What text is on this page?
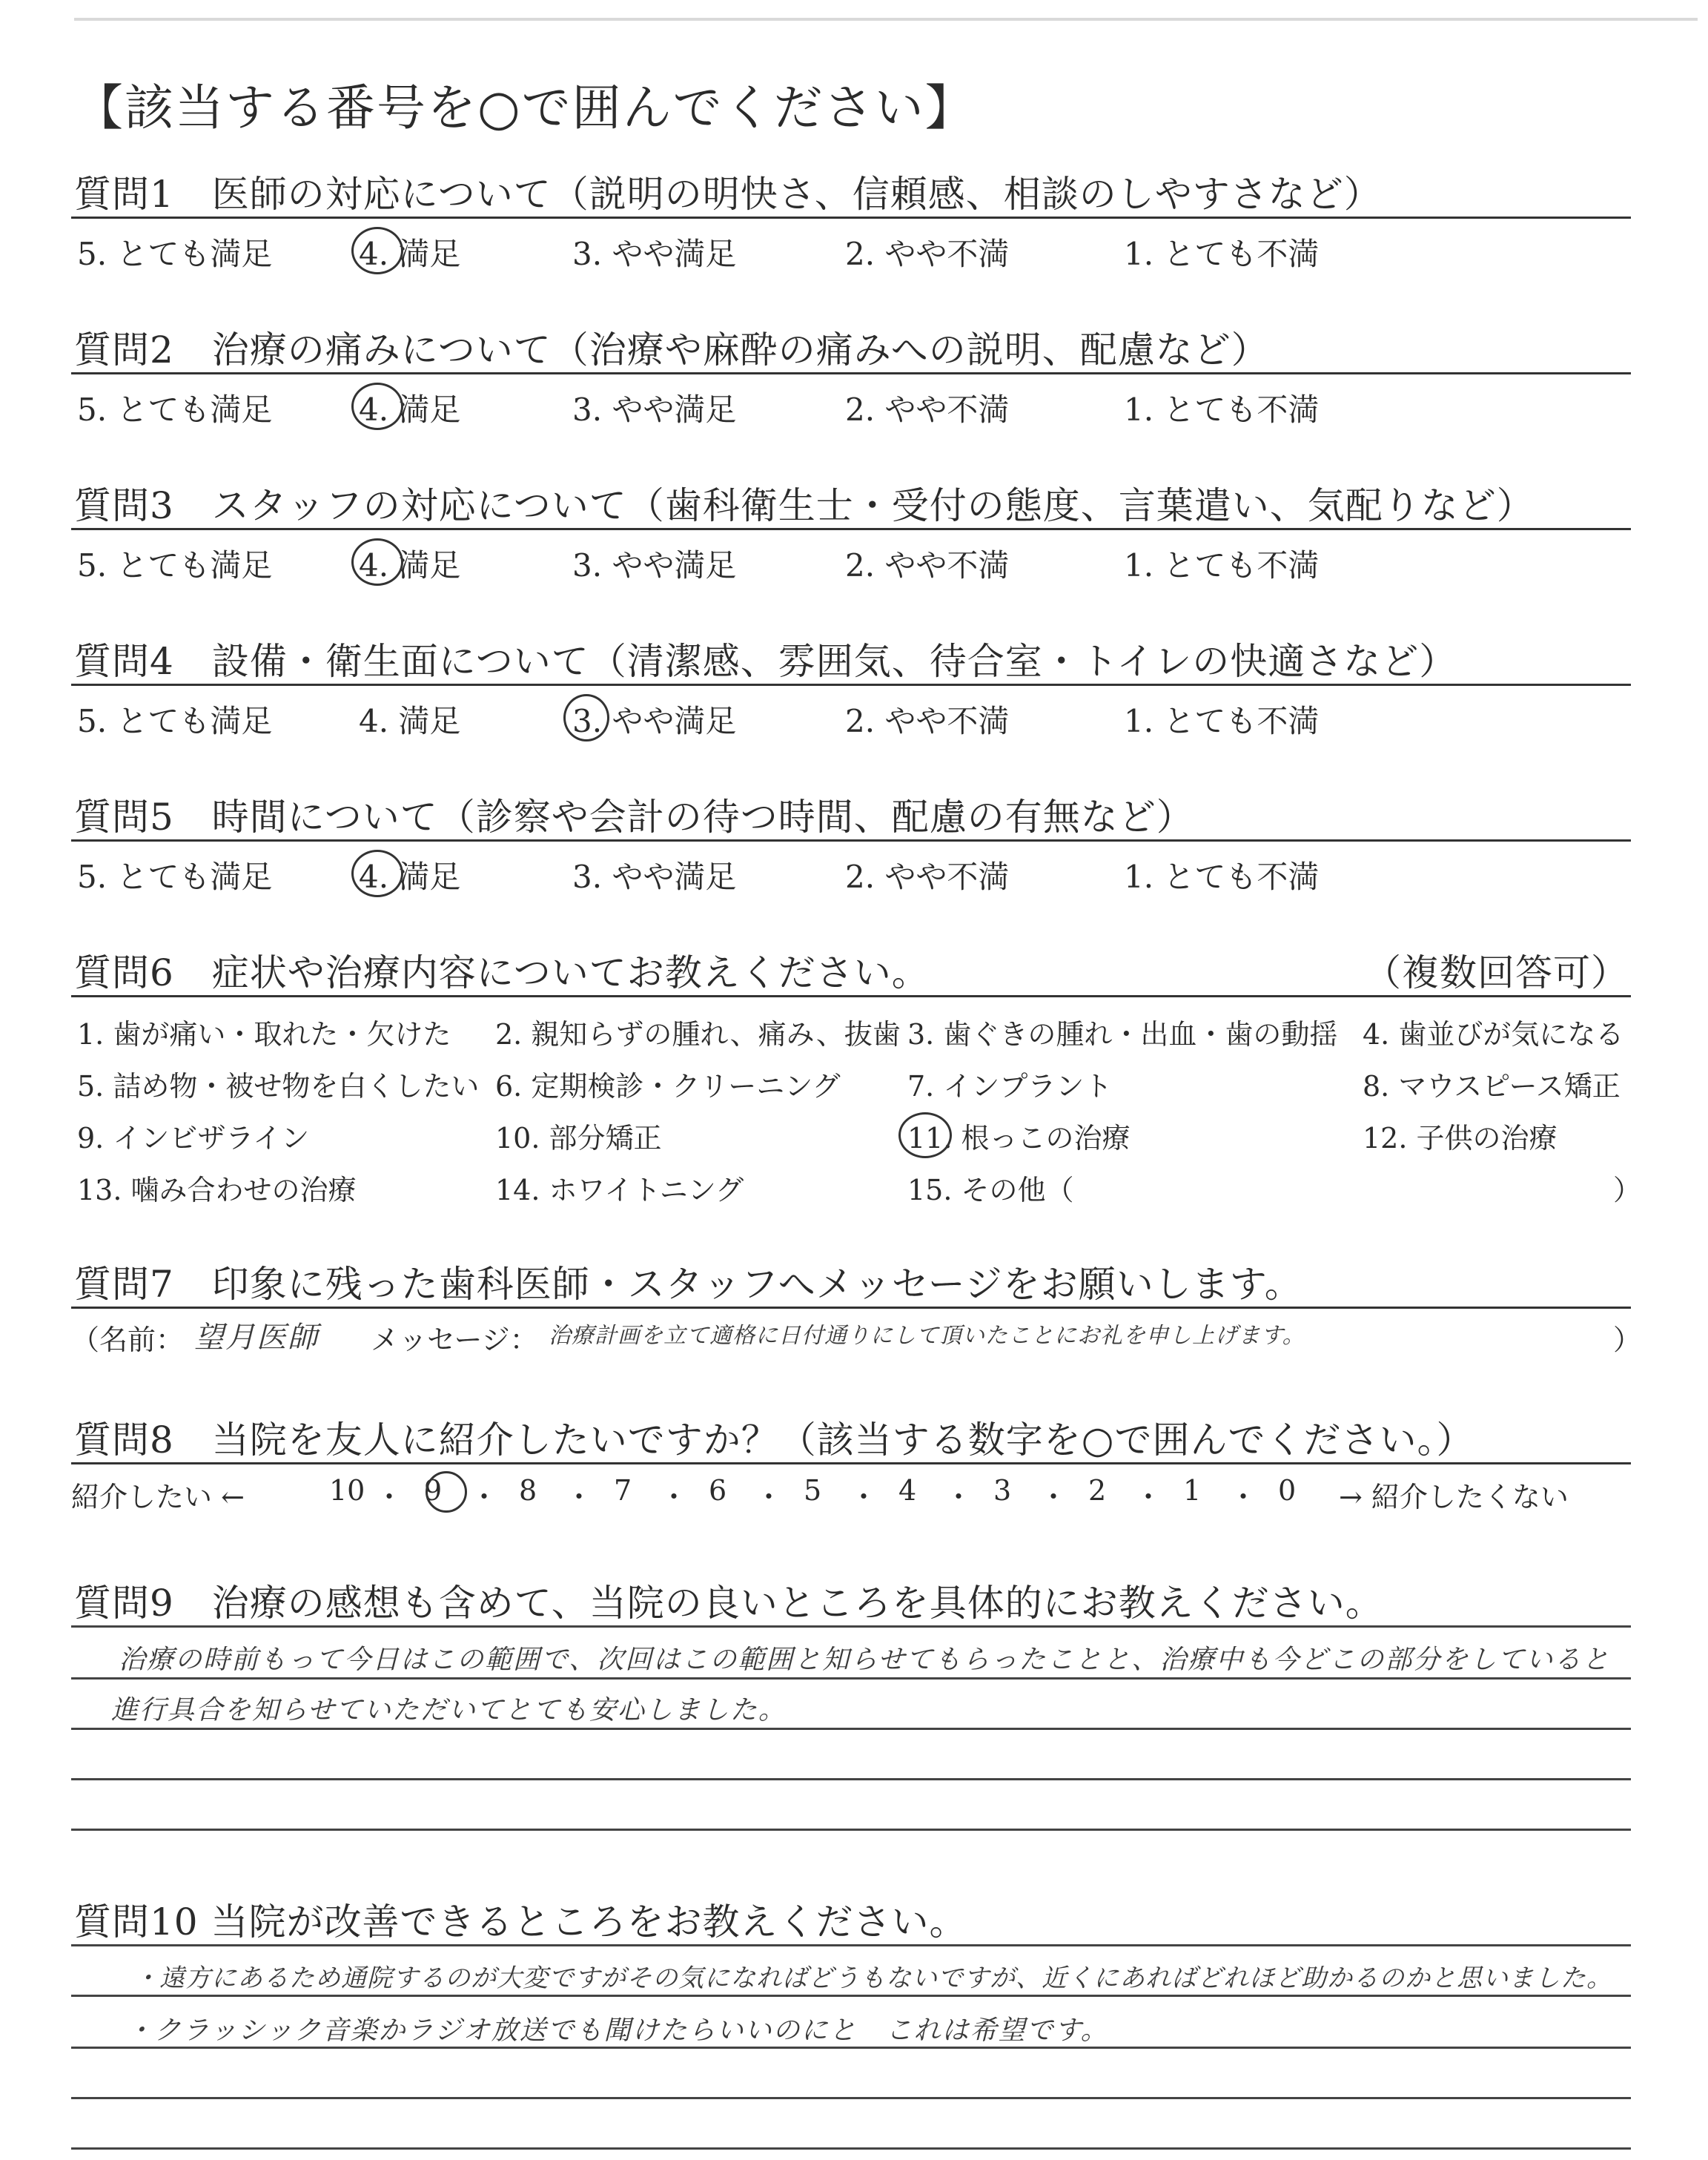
【該当する番号を○で囲んでください】
質問1　医師の対応について（説明の明快さ、信頼感、相談のしやすさなど）
5. とても満足	4. 満足	3. やや満足	2. やや不満	1. とても不満
質問2　治療の痛みについて（治療や麻酔の痛みへの説明、配慮など）
5. とても満足	4. 満足	3. やや満足	2. やや不満	1. とても不満
質問3　スタッフの対応について（歯科衛生士・受付の態度、言葉遣い、気配りなど）
5. とても満足	4. 満足	3. やや満足	2. やや不満	1. とても不満
質問4　設備・衛生面について（清潔感、雰囲気、待合室・トイレの快適さなど）
5. とても満足	4. 満足	3. やや満足	2. やや不満	1. とても不満
質問5　時間について（診察や会計の待つ時間、配慮の有無など）
5. とても満足	4. 満足	3. やや満足	2. やや不満	1. とても不満
質問6　症状や治療内容についてお教えください。	（複数回答可）
1. 歯が痛い・取れた・欠けた 2. 親知らずの腫れ、痛み、抜歯 3. 歯ぐきの腫れ・出血・歯の動揺 4. 歯並びが気になる
5. 詰め物・被せ物を白くしたい 6. 定期検診・クリーニング 7. インプラント	8. マウスピース矯正
9. インビザライン	10. 部分矯正	11. 根っこの治療	12. 子供の治療
13. 噛み合わせの治療	14. ホワイトニング	15. その他（	）
質問7　印象に残った歯科医師・スタッフへメッセージをお願いします。
（名前： 望月医師 メッセージ： 治療計画を立て適格に日付通りにして頂いたことにお礼を申し上げます。	）
質問8　当院を友人に紹介したいですか？（該当する数字を○で囲んでください。）
紹介したい ←	10 ・ 9 ・ 8 ・ 7 ・ 6 ・ 5 ・ 4 ・ 3 ・ 2 ・ 1 ・ 0 → 紹介したくない
質問9　治療の感想も含めて、当院の良いところを具体的にお教えください。
治療の時前もって今日はこの範囲で、次回はこの範囲と知らせてもらったことと、治療中も今どこの部分をしていると
進行具合を知らせていただいてとても安心しました。
質問10 当院が改善できるところをお教えください。
・遠方にあるため通院するのが大変ですがその気になればどうもないですが、近くにあればどれほど助かるのかと思いました。
・クラッシック音楽かラジオ放送でも聞けたらいいのにと　これは希望です。
